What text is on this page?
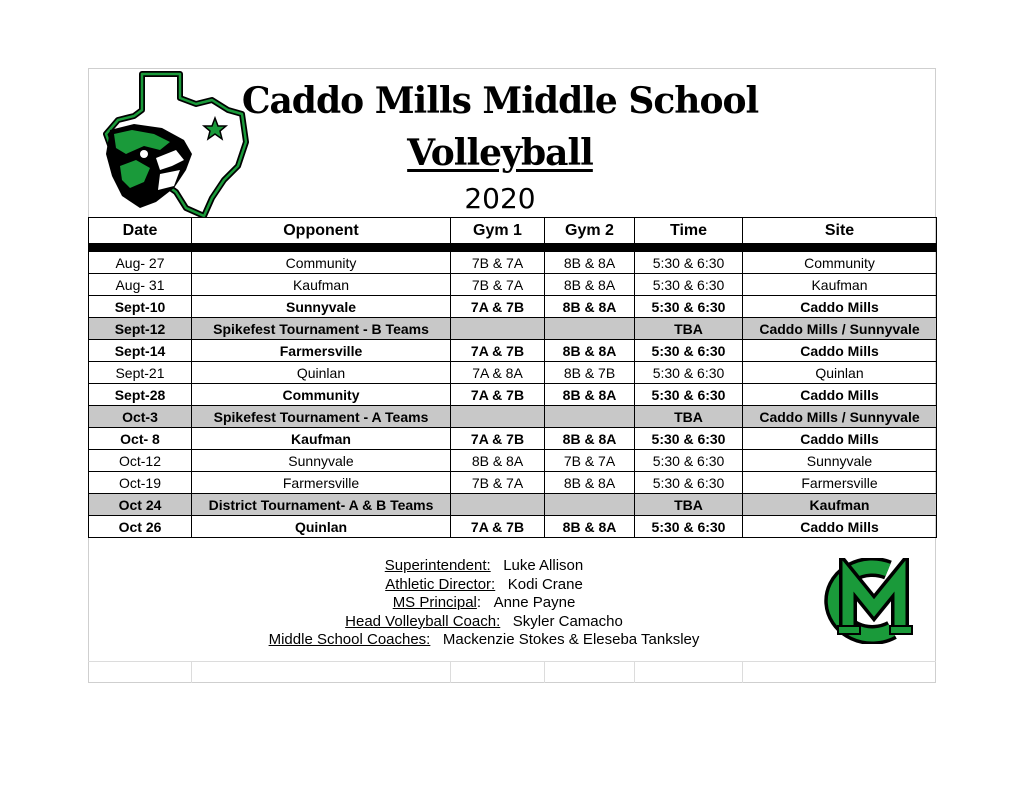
Caddo Mills Middle School
Volleyball
2020
Date	Opponent	Gym 1	Gym 2	Time	Site

Aug- 27	Community	7B & 7A	8B & 8A	5:30 & 6:30	Community
Aug- 31	Kaufman	7B & 7A	8B & 8A	5:30 & 6:30	Kaufman
Sept-10	Sunnyvale	7A & 7B	8B & 8A	5:30 & 6:30	Caddo Mills
Sept-12	Spikefest Tournament - B Teams			TBA	Caddo Mills / Sunnyvale
Sept-14	Farmersville	7A & 7B	8B & 8A	5:30 & 6:30	Caddo Mills
Sept-21	Quinlan	7A & 8A	8B & 7B	5:30 & 6:30	Quinlan
Sept-28	Community	7A & 7B	8B & 8A	5:30 & 6:30	Caddo Mills
Oct-3	Spikefest Tournament - A Teams			TBA	Caddo Mills / Sunnyvale
Oct- 8	Kaufman	7A & 7B	8B & 8A	5:30 & 6:30	Caddo Mills
Oct-12	Sunnyvale	8B & 8A	7B & 7A	5:30 & 6:30	Sunnyvale
Oct-19	Farmersville	7B & 7A	8B & 8A	5:30 & 6:30	Farmersville
Oct 24	District Tournament- A & B Teams			TBA	Kaufman
Oct 26	Quinlan	7A & 7B	8B & 8A	5:30 & 6:30	Caddo Mills
Superintendent: Luke Allison
Athletic Director: Kodi Crane
MS Principal: Anne Payne
Head Volleyball Coach: Skyler Camacho
Middle School Coaches: Mackenzie Stokes & Eleseba Tanksley
